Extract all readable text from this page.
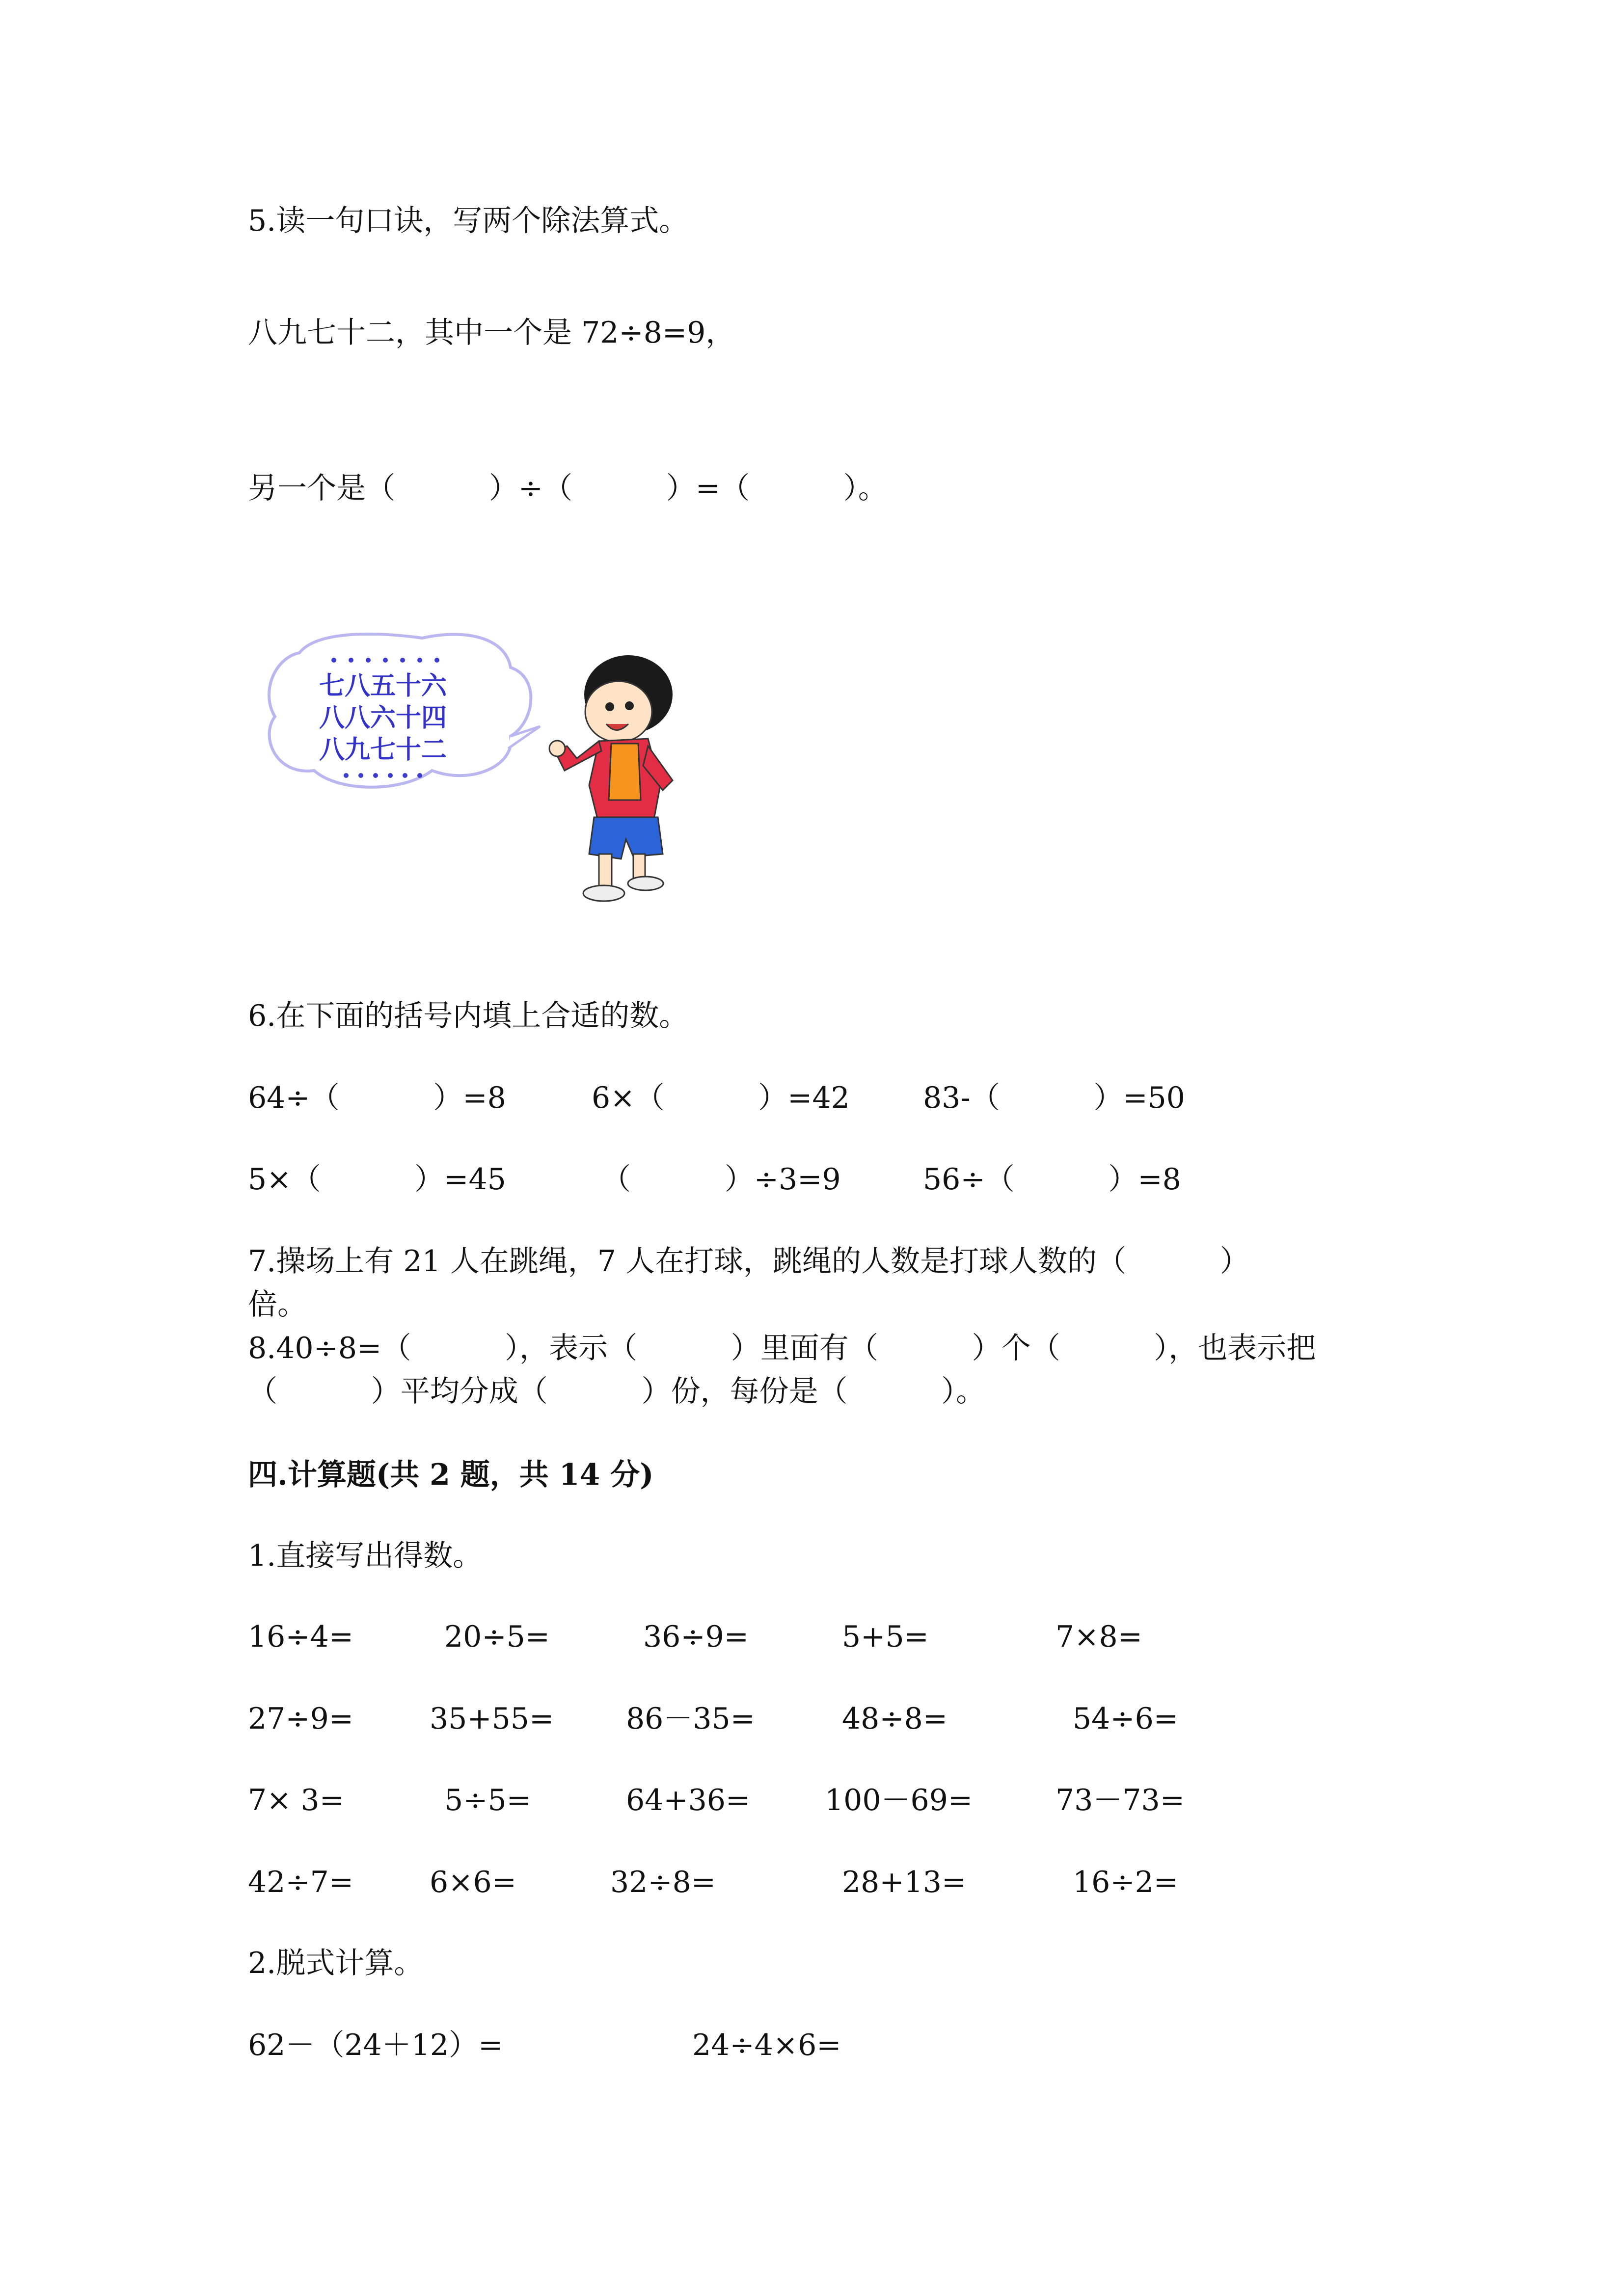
5.读一句口诀，写两个除法算式。
八九七十二，其中一个是 72÷8=9，
另一个是（          ）÷（          ）=（          ）。
七八五十六
八八六十四
八九七十二
6.在下面的括号内填上合适的数。
64÷（          ）=8	6×（          ）=42 83-（          ）=50
5×（          ）=45	（          ）÷3=9	56÷（          ）=8
7.操场上有 21 人在跳绳，7 人在打球，跳绳的人数是打球人数的（          ）
倍。
8.40÷8=（          ），表示（          ）里面有（          ）个（          ），也表示把
（          ）平均分成（          ）份，每份是（          ）。
四.计算题(共 2 题，共 14 分)
1.直接写出得数。
16÷4=	20÷5=	36÷9=	5+5=	7×8=
27÷9=	35+55= 86－35=	48÷8=	54÷6=
7× 3=	5÷5=	64+36=	100－69=	73－73=
42÷7=	6×6=	32÷8=	28+13=	16÷2=
2.脱式计算。
62－（24＋12）=	24÷4×6=
